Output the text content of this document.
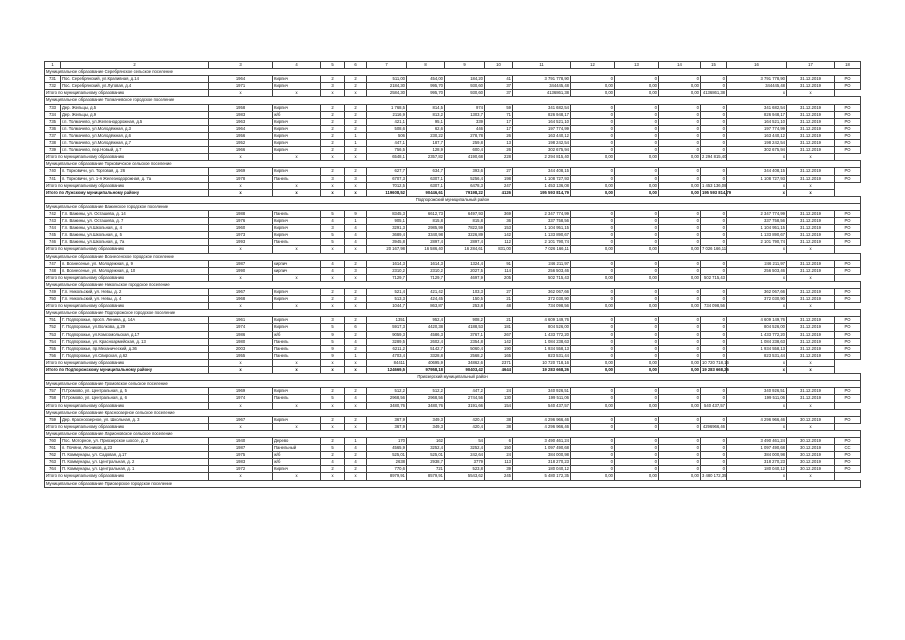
1	2	3	4	5	6	7	8	9	10	11	12	13	14	15	16	17	18
Муниципальное образование Серебрянское сельское поселение																	
731	Пос. Серебрянский, ул.Крапивная, д.14	1964	Кирпич	2	2	511,00	454,00	184,20	41	3 791 778,90	0	0	0	0	3 791 778,90	31.12.2019	РО
732	Пос. Серебрянский, ул.Луговая, д.4	1971	Кирпич	3	2	2184,30	995,70	930,60	37	344445,48	0,00	0,00	0,00	0	344445,48	31.12.2019	РО
Итого по муниципальному образованию		x	x	x	x	2584,30	995,70	930,60	37	4136861,38	0,00	0,00	0,00	4136861,38	x	x	
Муниципальное образование Толмачевское городское поселение																	
733	Дер. Жельцы, д.5	1958	Кирпич	2	2	1 768,5	814,5	974	59	341 682,54	0	0	0	0	341 682,54	31.12.2019	РО
734	Дер. Жельцы, д.9	1983	ж/б	2	2	2116,9	813,2	1303,7	71	826 948,17	0	0	0	0	826 948,17	31.12.2019	РО
735	г.п. Толмачево, ул.Железнодорожная, д.5	1963	Кирпич	2	2	421,1	95,1	339	17	164 521,10	0	0	0	0	164 521,10	31.12.2019	РО
736	г.п. Толмачево, ул.Молодёжная, д.3	1964	Кирпич	2	2	508,6	62,6	446	17	197 774,99	0	0	0	0	197 774,99	31.12.2019	РО
737	г.п. Толмачево, ул.Молодёжная, д.6	1956	Кирпич	2	1	506	230,22	278,78	26	163 440,12	0	0	0	0	163 440,12	31.12.2019	РО
738	г.п. Толмачево, ул.Молодёжная, д.7	1952	Кирпич	2	1	447,1	187,7	259,8	13	198 242,54	0	0	0	0	198 242,54	31.12.2019	РО
739	г.п. Толмачево, пер.Новый, д.7	1966	Кирпич	2	2	756,5	128,9	600,4	26	302 675,94	0	0	0	0	302 675,94	31.12.2019	РО
Итого по муниципальному образованию		x	x	x	x	6548,1	2357,82	4190,68	228	2 294 815,40	0,00	0,00	0,00	2 294 815,40	x	x	
Муниципальное образование Торковичское сельское поселение																	
740	п. Торковичи, ул. Торговая, д. 26	1969	Кирпич	2	2	627,7	634,7	393,6	27	344 408,15	0	0	0	0	344 408,15	31.12.2019	РО
741	п. Торковичи, ул. 1-я Железнодорожная, д. 7а	1978	Панель	3	3	6707,3	6307,1	5256,4	198	1 108 727,93	0	0	0	0	1 108 727,93	31.12.2019	РО
Итого по муниципальному образованию		x	x	x	x	7012,5	6307,1	6478,3	247	1 453 136,08	0,00	0,00	0,00	1 453 136,08	x	x	
Итого по Лужскому муниципальному району		x	x	x	x	119608,52	90446,61	79198,22	4126	195 593 814,79	0,00	0,00	0,00	195 593 814,79	x	x	
Подпорожский муниципальный район																	
Муниципальное образование Важинское городское поселение																	
742	Г.п. Важины, ул. Осташева, д. 14	1988	Панель	5	9	8345,3	6612,73	6497,93	369	2 347 774,99	0	0	0	0	2 347 774,99	31.12.2019	РО
743	Г.п. Важины, ул. Осташева, д. 7	1976	Кирпич	4	1	905,1	815,8	815,8	36	337 758,56	0	0	0	0	337 758,56	31.12.2019	РО
744	Г.п. Важины, ул.Школьная, д. 4	1960	Кирпич	3	4	3291,3	2985,99	7822,59	153	1 104 951,15	0	0	0	0	1 104 951,15	31.12.2019	РО
745	Г.п. Важины, ул.Школьная, д. 5	1973	Кирпич	5	4	3689,4	3340,98	3226,89	142	1 133 890,67	0	0	0	0	1 133 890,67	31.12.2019	РО
746	Г.п. Важины, ул.Школьная, д. 7а	1993	Панель	5	4	3945,8	2897,4	2897,4	112	2 101 790,74	0	0	0	0	2 101 790,74	31.12.2019	РО
Итого по муниципальному образованию		x	x	x	x	20 167,98	16 586,40	16 284,61	831,00	7 026 166,11	0,00	0,00	0,00	7 026 166,11	x	x	
Муниципальное образование Вознесенское городское поселение																	
747	п. Вознесенье, ул. Молодежная, д. 9	1987	кирпич	4	2	1614,3	1614,3	1324,4	91	246 211,97	0	0	0	0	246 211,97	31.12.2019	РО
748	п. Вознесенье, ул. Молодежная, д. 10	1990	кирпич	4	3	2310,2	2310,2	2027,5	114	256 503,46	0	0	0	0	256 503,46	31.12.2019	РО
Итого по муниципальному образованию		x	x	x	x	7129,7	7129,7	4697,9	205	502 715,43	0,00	0,00	0,00	502 715,43	x	x	
Муниципальное образование Никольское городское поселение																	
749	Г.п. Никольский, ул. Невы, д. 2	1967	Кирпич	2	2	521,4	421,42	103,3	27	362 067,66	0	0	0	0	362 067,66	31.12.2019	РО
750	Г.п. Никольский, ул. Невы, д. 4	1968	Кирпич	2	2	513,3	424,45	150,5	21	372 030,90	0	0	0	0	372 030,90	31.12.2019	РО
Итого по муниципальному образованию		x	x	x	x	1044,7	863,87	253,8	48	734 098,56	0,00	0,00	0,00	734 098,56	x	x	
Муниципальное образование Подпорожское городское поселение																	
751	Г. Подпорожье, просп. Ленина, д. 14А	1961	Кирпич	3	2	1351	952,4	908,2	21	4 609 149,76	0	0	0	0	4 609 149,76	31.12.2019	РО
752	Г. Подпорожье, ул.Волкова, д.29	1974	Кирпич	5	6	5917,3	4420,38	4188,53	181	804 526,00	0	0	0	0	804 526,00	31.12.2019	РО
753	Г. Подпорожье, ул.Комсомольская, д.17	1986	ж/б	9	2	9059,3	4586,3	3767,1	267	1 433 772,20	0	0	0	0	1 433 772,20	31.12.2019	РО
754	Г. Подпорожье, ул. Красноармейская, д. 13	1980	Панель	5	4	3289,5	2602,4	2354,8	142	1 084 238,63	0	0	0	0	1 084 238,63	31.12.2019	РО
755	Г. Подпорожье, пр.Механический, д.36	2003	Панель	9	2	6211,2	5142,7	5060,4	190	1 934 558,13	0	0	0	0	1 934 558,13	31.12.2019	РО
756	Г. Подпорожье, ул.Свирская, д.62	1955	Панель	9	1	4703,4	3328,8	2568,2	165	823 531,44	0	0	0	0	823 531,44	31.12.2019	РО
Итого по муниципальному образованию		x	x	x	x	84411	40695,9	34862,6	2371	10 720 718,16	0,00	0,00	0,00	10 720 718,16	x	x	
Итого по Подпорожскому муниципальному району		x	x	x	x	124669,5	97958,18	90403,42	4644	19 283 668,26	0,00	0,00	0,00	19 283 668,26	x	x	
Приозерский муниципальный район																	
Муниципальное образование Громовское сельское поселение																	
757	П.Громово, ул. Центральная, д. 5	1969	Кирпич	2	2	512,2	512,2	447,2	24	340 926,51	0	0	0	0	340 926,51	31.12.2019	РО
758	П.Громово, ул. Центральная, д. 6	1974	Панель	5	4	2968,56	2968,56	2744,56	130	199 511,06	0	0	0	0	199 511,06	31.12.2019	РО
Итого по муниципальному образованию		x	x	x	x	3480,76	3480,76	3191,66	154	540 437,57	0,00	0,00	0,00	540 437,57	x	x	
Муниципальное образование Красноозерное сельское поселение																	
759	Дер. Красноозерное, ул. Школьная, д. 3	1967	Кирпич	2	2	367,9	349,3	420,4	38	4 296 966,46	0	0	0	0	4 296 966,46	30.12.2019	РО
Итого по муниципальному образованию		x	x	x	x	367,9	349,3	420,4	38	4 296 966,46	0	0	0	4296966,46	x	x	
Муниципальное образование Ларионовское сельское поселение																	
760	Пос. Моторное, ул. Приозерское шоссе, д. 2	1940	Дерево	2	1	170	162	54	6	3 490 461,24	0	0	0	0	3 490 461,24	30.12.2019	РО
761	п. Почяни, Лесников, д.23	1987	Панельный	5	4	4565,9	3252,4	3252,4	150	1 097 490,68	0	0	0	0	1 097 490,68	30.12.2019	СС
762	П. Коммунары, ул. Садовая, д.17	1975	ж/б	2	2	525,01	525,01	242,64	24	384 000,98	0	0	0	0	384 000,98	30.12.2019	РО
763	П. Коммунары, ул. Центральная, д. 2	1983	ж/б	4	4	2638	2938,7	3779	113	318 270,23	0	0	0	0	318 270,23	30.12.2019	РО
764	П. Коммунары, ул. Центральная, д. 1	1972	Кирпич	2	2	770,6	721	523,8	39	180 040,12	0	0	0	0	180 040,12	30.12.2019	РО
Итого по муниципальному образованию		x	x	x	x	8979,91	8579,91	5543,62	245	5 480 172,35	0,00	0,00	0,00	3 480 172,35	x	x	
Муниципальное образование Приозерское городское поселение																	
